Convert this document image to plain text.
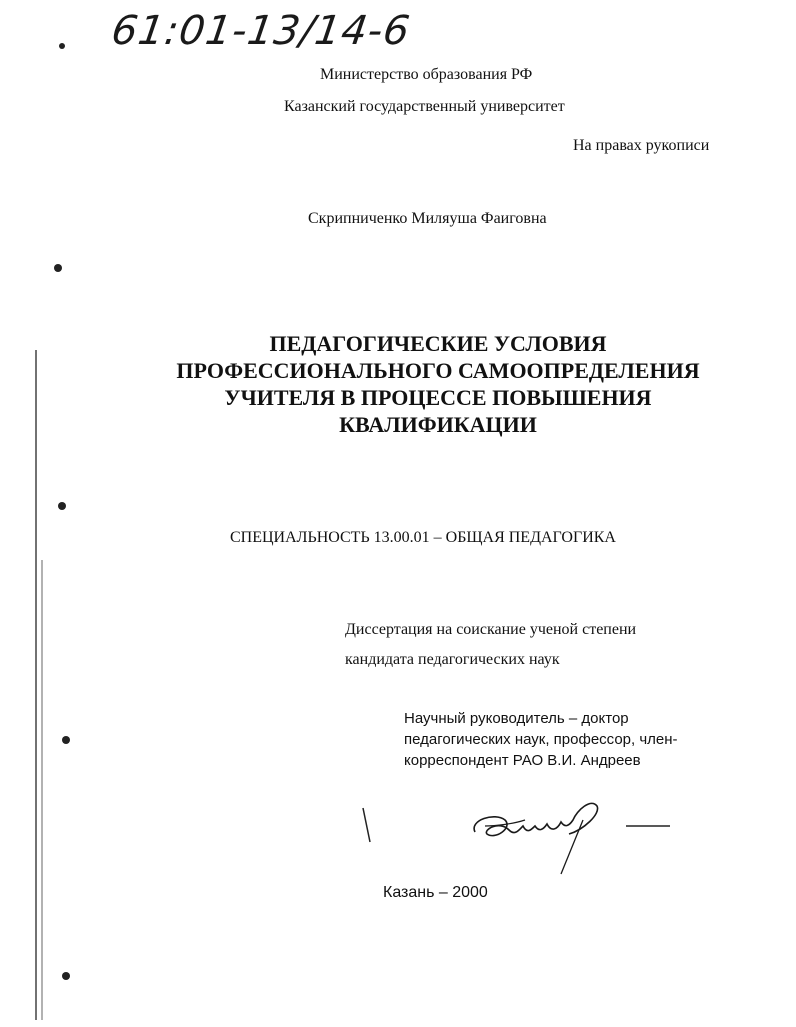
61:01-13/14-6
Министерство образования РФ
Казанский государственный университет
На правах рукописи
Скрипниченко Миляуша Фаиговна
ПЕДАГОГИЧЕСКИЕ УСЛОВИЯ
ПРОФЕССИОНАЛЬНОГО САМООПРЕДЕЛЕНИЯ
УЧИТЕЛЯ В ПРОЦЕССЕ ПОВЫШЕНИЯ
КВАЛИФИКАЦИИ
СПЕЦИАЛЬНОСТЬ 13.00.01 – ОБЩАЯ ПЕДАГОГИКА
Диссертация на соискание ученой степени
кандидата педагогических наук
Научный руководитель – доктор
педагогических наук, профессор, член-
корреспондент РАО В.И. Андреев
Казань – 2000
